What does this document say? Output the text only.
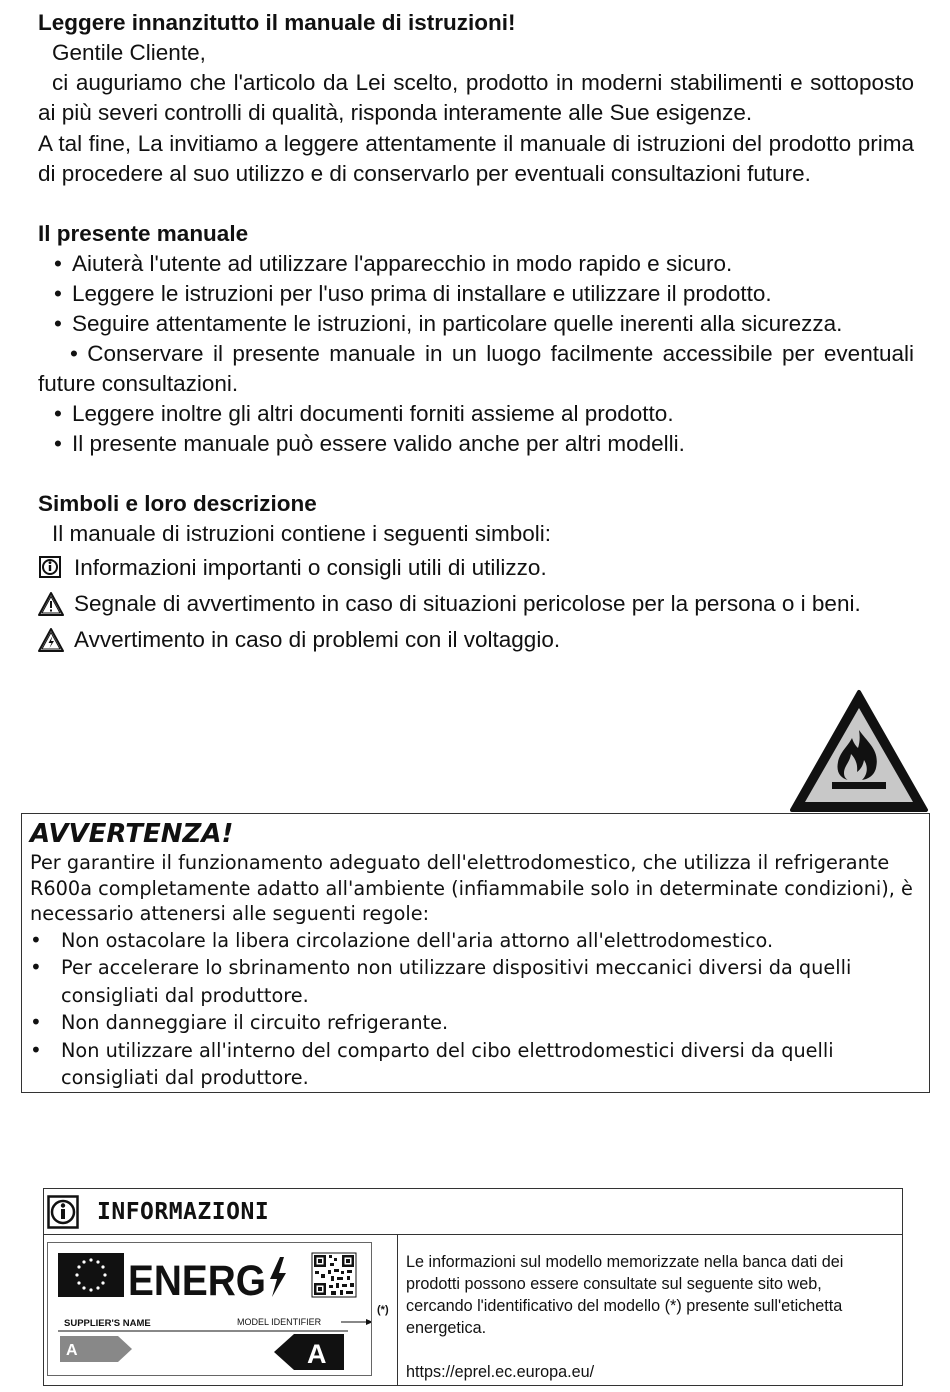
Leggere innanzitutto il manuale di istruzioni!

Gentile Cliente,

ci auguriamo che l'articolo da Lei scelto, prodotto in moderni stabilimenti e sottoposto ai più severi controlli di qualità, risponda interamente alle Sue esigenze.

A tal fine, La invitiamo a leggere attentamente il manuale di istruzioni del prodotto prima di procedere al suo utilizzo e di conservarlo per eventuali consultazioni future.

Il presente manuale

• Aiuterà l'utente ad utilizzare l'apparecchio in modo rapido e sicuro.

• Leggere le istruzioni per l'uso prima di installare e utilizzare il prodotto.

• Seguire attentamente le istruzioni, in particolare quelle inerenti alla sicurezza.

• Conservare il presente manuale in un luogo facilmente accessibile per eventuali future consultazioni.

• Leggere inoltre gli altri documenti forniti assieme al prodotto.

• Il presente manuale può essere valido anche per altri modelli.

Simboli e loro descrizione

Il manuale di istruzioni contiene i seguenti simboli:

Informazioni importanti o consigli utili di utilizzo.

Segnale di avvertimento in caso di situazioni pericolose per la persona o i beni.

Avvertimento in caso di problemi con il voltaggio.

AVVERTENZA!

Per garantire il funzionamento adeguato dell'elettrodomestico, che utilizza il refrigerante R600a completamente adatto all'ambiente (infiammabile solo in determinate condizioni), è necessario attenersi alle seguenti regole:

• Non ostacolare la libera circolazione dell'aria attorno all'elettrodomestico.
• Per accelerare lo sbrinamento non utilizzare dispositivi meccanici diversi da quelli consigliati dal produttore.
• Non danneggiare il circuito refrigerante.
• Non utilizzare all'interno del comparto del cibo elettrodomestici diversi da quelli consigliati dal produttore.
INFORMAZIONI
ENERG
SUPPLIER'S NAME	MODEL IDENTIFIER
A	A
(*)

Le informazioni sul modello memorizzate nella banca dati dei prodotti possono essere consultate sul seguente sito web, cercando l'identificativo del modello (*) presente sull'etichetta energetica.

https://eprel.ec.europa.eu/
